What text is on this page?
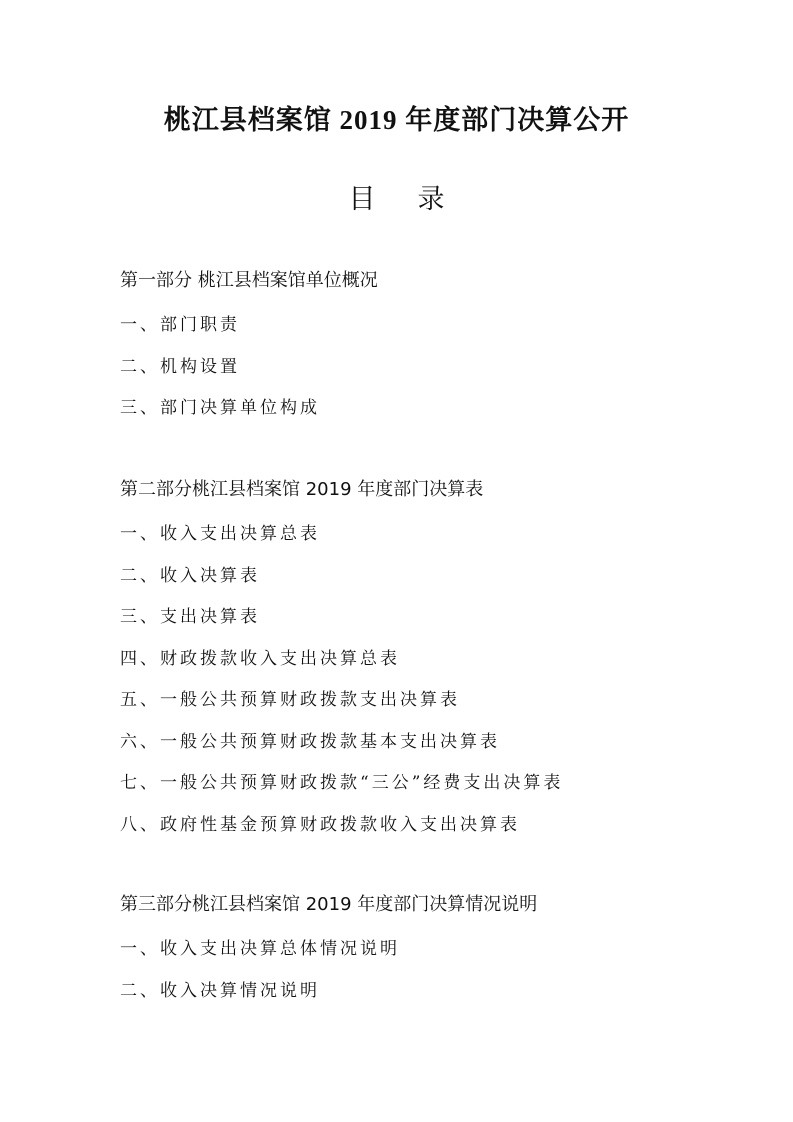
桃江县档案馆 2019 年度部门决算公开
目 录
第一部分 桃江县档案馆单位概况
一、部门职责
二、机构设置
三、部门决算单位构成
第二部分桃江县档案馆 2019 年度部门决算表
一、收入支出决算总表
二、收入决算表
三、支出决算表
四、财政拨款收入支出决算总表
五、一般公共预算财政拨款支出决算表
六、一般公共预算财政拨款基本支出决算表
七、一般公共预算财政拨款“三公”经费支出决算表
八、政府性基金预算财政拨款收入支出决算表
第三部分桃江县档案馆 2019 年度部门决算情况说明
一、收入支出决算总体情况说明
二、收入决算情况说明
